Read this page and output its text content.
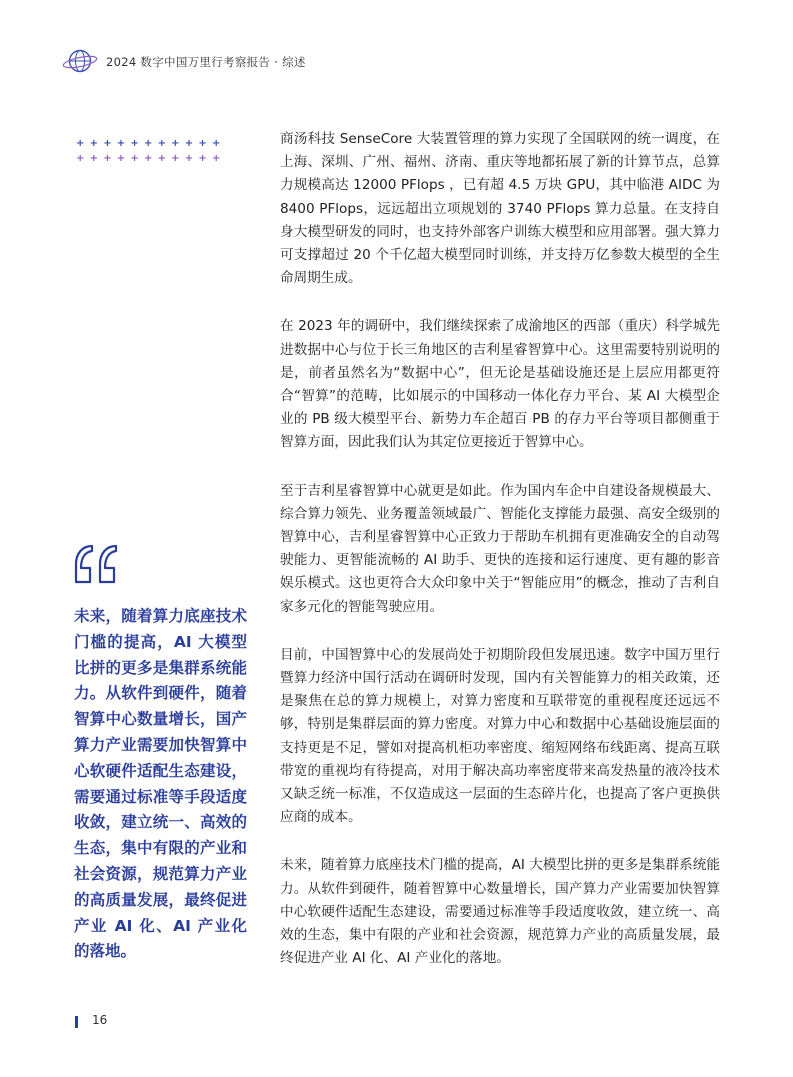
2024 数字中国万里行考察报告 · 综述
+ + + + + + + + + + +
+ + + + + + + + + + +
未来，随着算力底座技术门槛的提高，AI 大模型比拼的更多是集群系统能力。从软件到硬件，随着智算中心数量增长，国产算力产业需要加快智算中心软硬件适配生态建设，需要通过标准等手段适度收敛，建立统一、高效的生态，集中有限的产业和社会资源，规范算力产业的高质量发展，最终促进产业 AI 化、AI 产业化的落地。

商汤科技 SenseCore 大装置管理的算力实现了全国联网的统一调度，在上海、深圳、广州、福州、济南、重庆等地都拓展了新的计算节点，总算力规模高达 12000 PFlops ，已有超 4.5 万块 GPU，其中临港 AIDC 为 8400 PFlops，远远超出立项规划的 3740 PFlops 算力总量。在支持自身大模型研发的同时，也支持外部客户训练大模型和应用部署。强大算力可支撑超过 20 个千亿超大模型同时训练，并支持万亿参数大模型的全生命周期生成。

在 2023 年的调研中，我们继续探索了成渝地区的西部（重庆）科学城先进数据中心与位于长三角地区的吉利星睿智算中心。这里需要特别说明的是，前者虽然名为“数据中心”，但无论是基础设施还是上层应用都更符合“智算”的范畴，比如展示的中国移动一体化存力平台、某 AI 大模型企业的 PB 级大模型平台、新势力车企超百 PB 的存力平台等项目都侧重于智算方面，因此我们认为其定位更接近于智算中心。

至于吉利星睿智算中心就更是如此。作为国内车企中自建设备规模最大、综合算力领先、业务覆盖领域最广、智能化支撑能力最强、高安全级别的智算中心，吉利星睿智算中心正致力于帮助车机拥有更准确安全的自动驾驶能力、更智能流畅的 AI 助手、更快的连接和运行速度、更有趣的影音娱乐模式。这也更符合大众印象中关于“智能应用”的概念，推动了吉利自家多元化的智能驾驶应用。

目前，中国智算中心的发展尚处于初期阶段但发展迅速。数字中国万里行暨算力经济中国行活动在调研时发现，国内有关智能算力的相关政策，还是聚焦在总的算力规模上，对算力密度和互联带宽的重视程度还远远不够，特别是集群层面的算力密度。对算力中心和数据中心基础设施层面的支持更是不足，譬如对提高机柜功率密度、缩短网络布线距离、提高互联带宽的重视均有待提高，对用于解决高功率密度带来高发热量的液冷技术又缺乏统一标准，不仅造成这一层面的生态碎片化，也提高了客户更换供应商的成本。

未来，随着算力底座技术门槛的提高，AI 大模型比拼的更多是集群系统能力。从软件到硬件，随着智算中心数量增长，国产算力产业需要加快智算中心软硬件适配生态建设，需要通过标准等手段适度收敛，建立统一、高效的生态，集中有限的产业和社会资源，规范算力产业的高质量发展，最终促进产业 AI 化、AI 产业化的落地。

16
